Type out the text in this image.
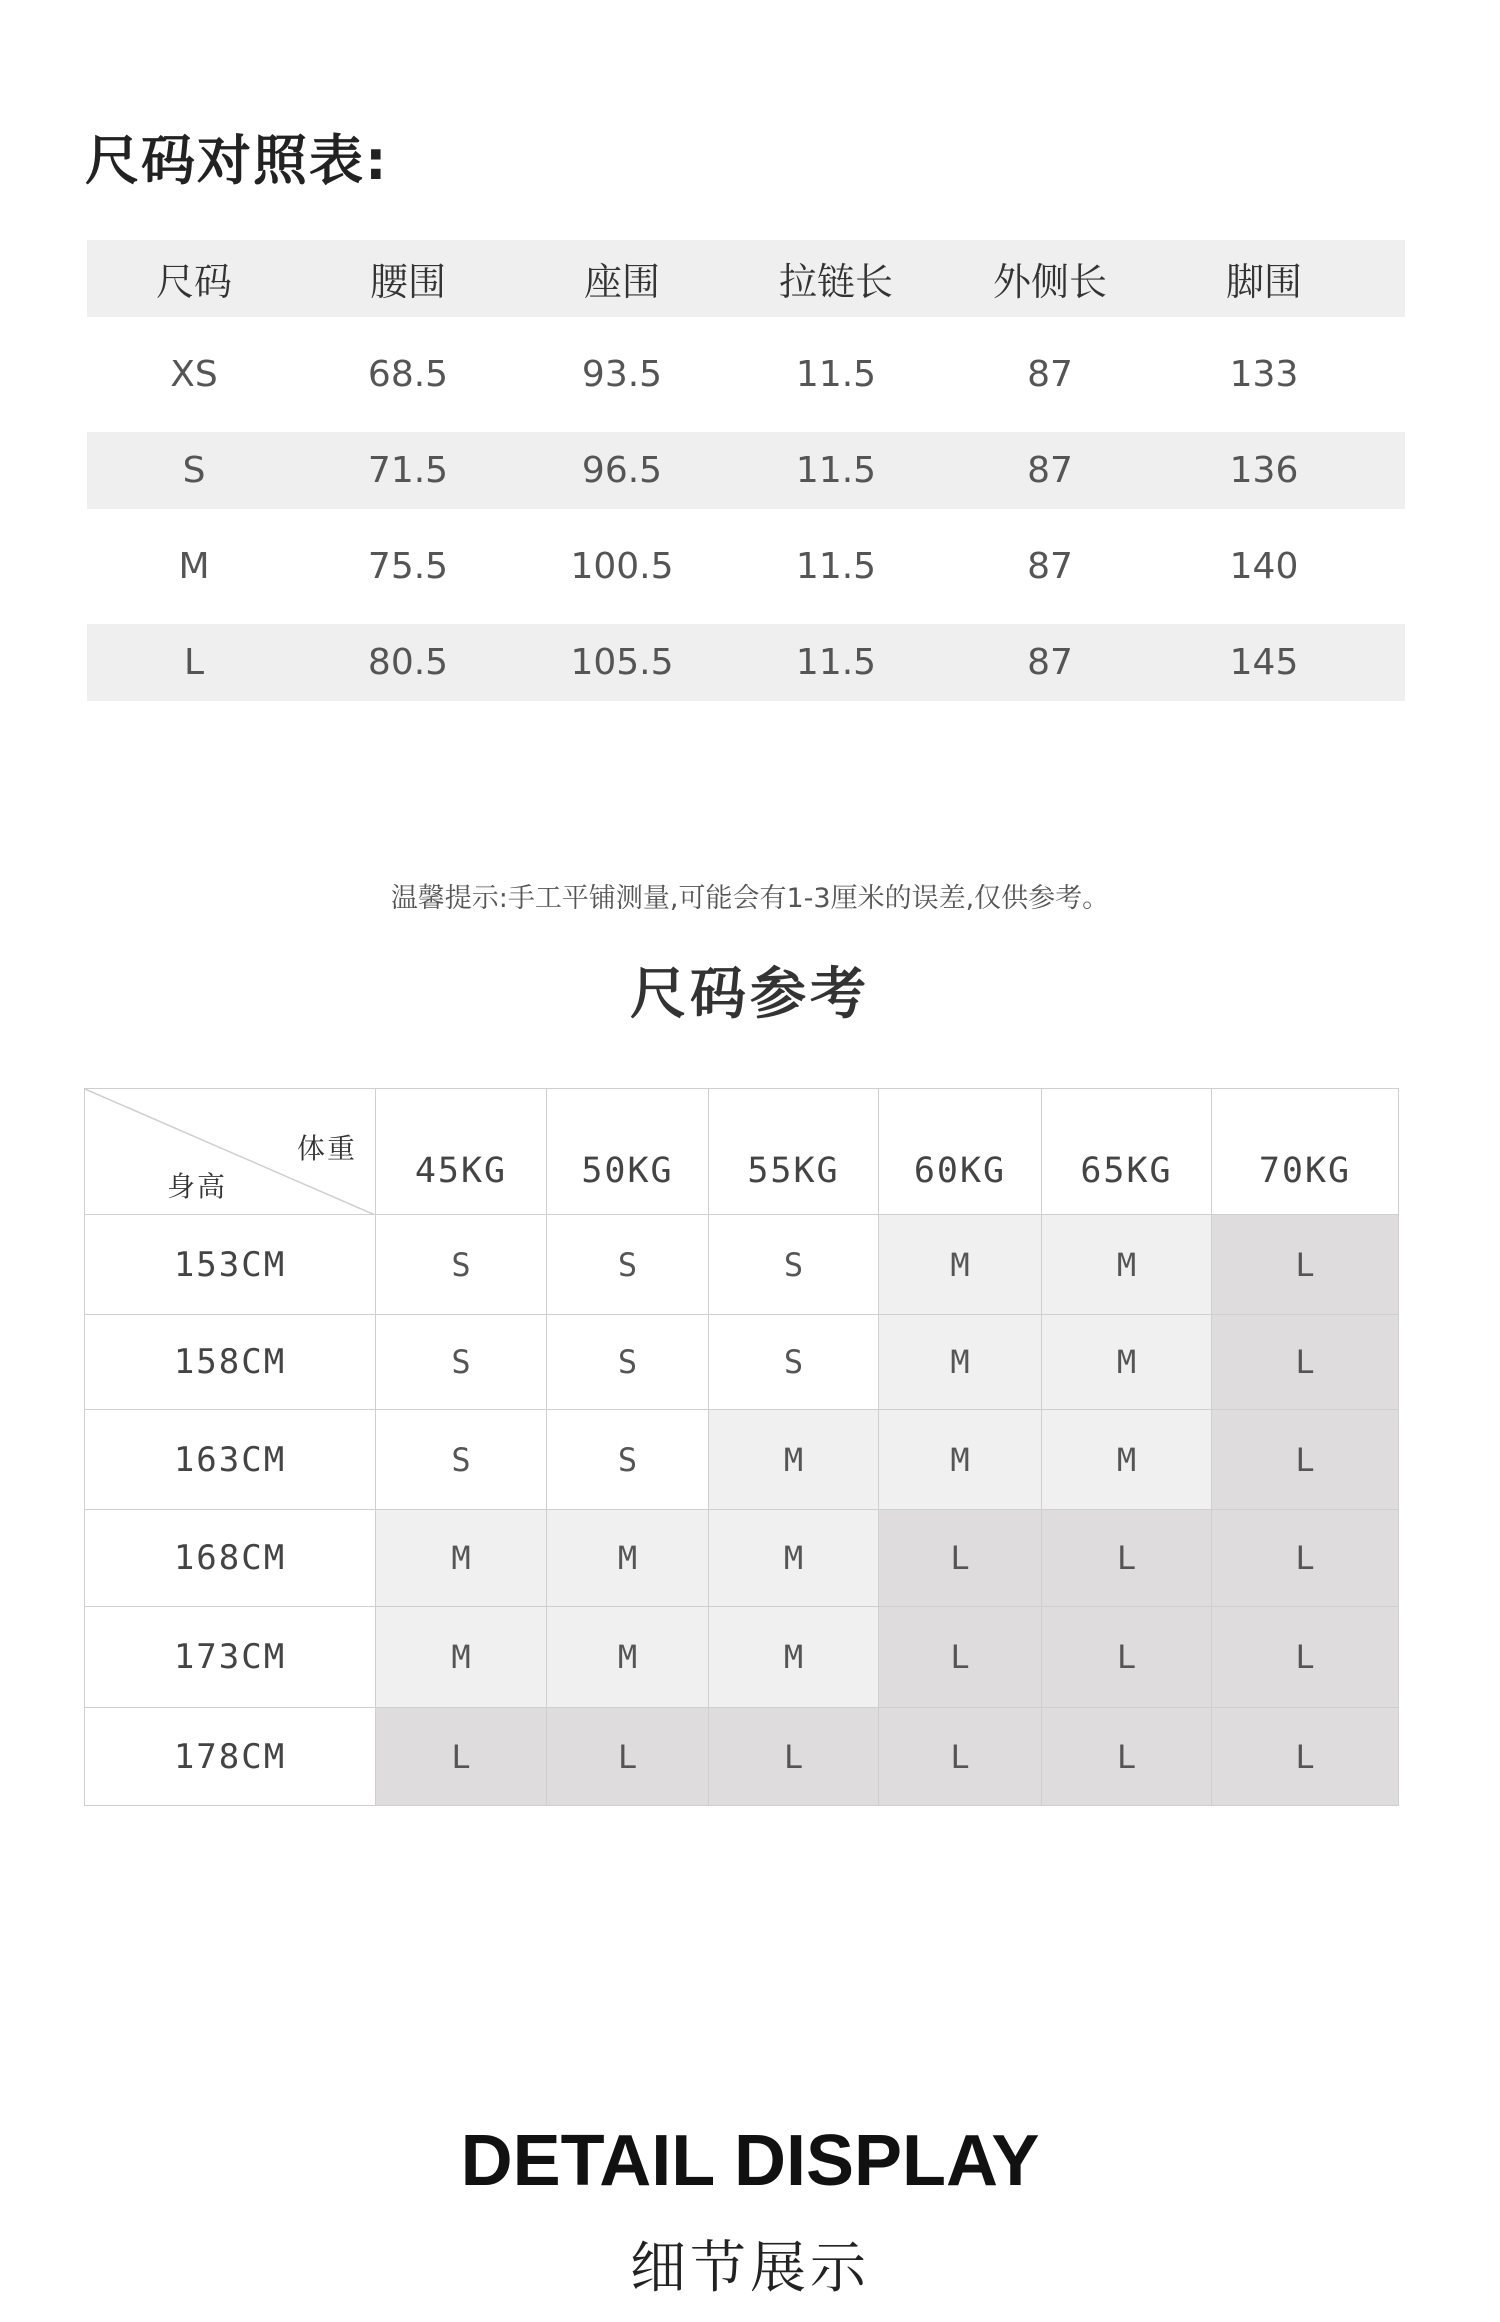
尺码对照表:
尺码	腰围	座围	拉链长	外侧长	脚围
XS	68.5	93.5	11.5	87	133
S	71.5	96.5	11.5	87	136
M	75.5	100.5	11.5	87	140
L	80.5	105.5	11.5	87	145
温馨提示:手工平铺测量,可能会有1-3厘米的误差,仅供参考。
尺码参考
体重
身高	45KG	50KG	55KG	60KG	65KG	70KG
153CM	S	S	S	M	M	L
158CM	S	S	S	M	M	L
163CM	S	S	M	M	M	L
168CM	M	M	M	L	L	L
173CM	M	M	M	L	L	L
178CM	L	L	L	L	L	L
DETAIL DISPLAY
细节展示
